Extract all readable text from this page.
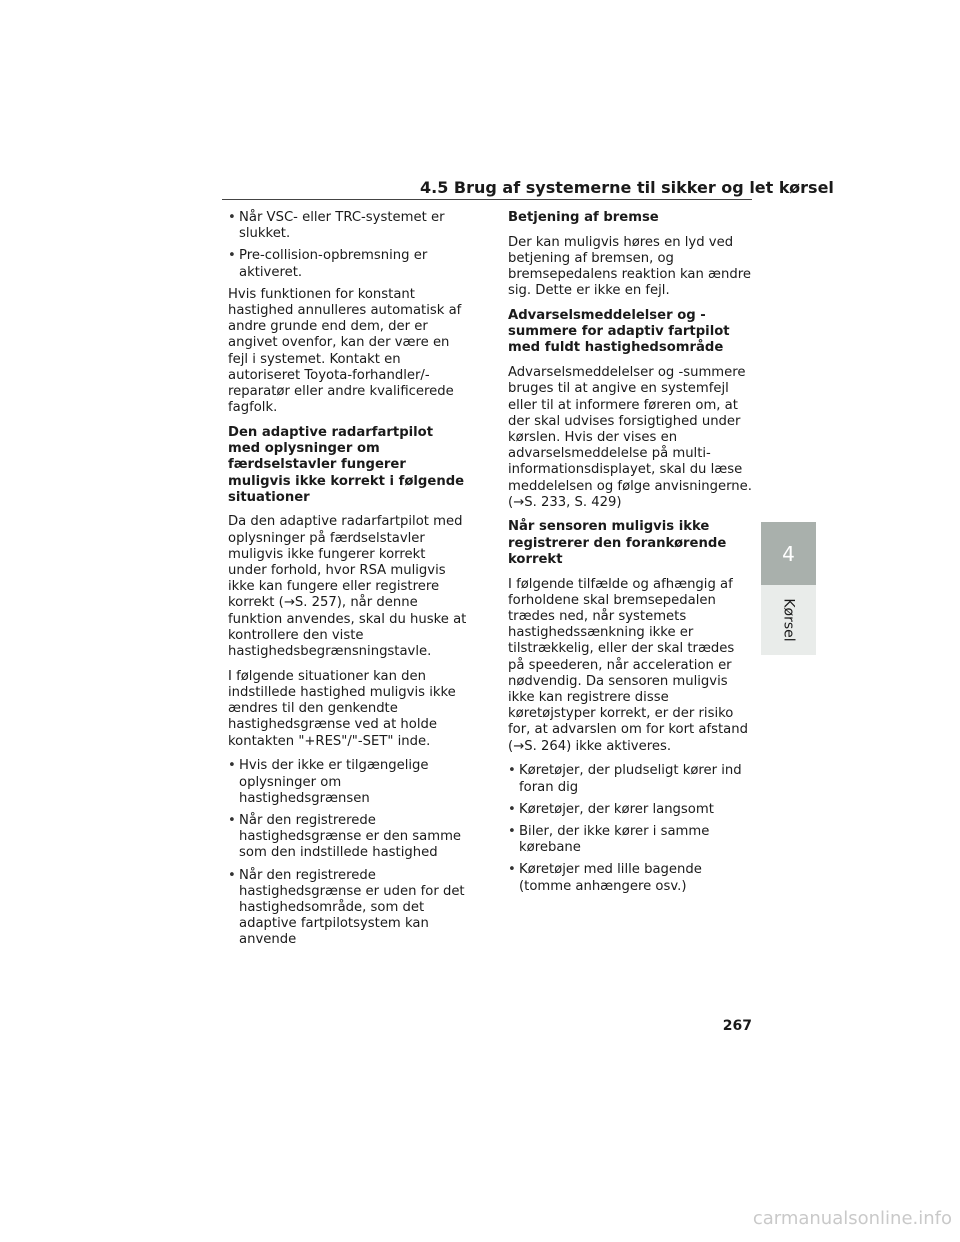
4.5 Brug af systemerne til sikker og let kørsel
• Når VSC- eller TRC-systemet er slukket.
• Pre-collision-opbremsning er aktiveret.

Hvis funktionen for konstant hastighed annulleres automatisk af andre grunde end dem, der er angivet ovenfor, kan der være en fejl i systemet. Kontakt en autoriseret Toyota-forhandler/-reparatør eller andre kvalificerede fagfolk.

Den adaptive radarfartpilot med oplysninger om færdselstavler fungerer muligvis ikke korrekt i følgende situationer

Da den adaptive radarfartpilot med oplysninger på færdselstavler muligvis ikke fungerer korrekt under forhold, hvor RSA muligvis ikke kan fungere eller registrere korrekt (→S. 257), når denne funktion anvendes, skal du huske at kontrollere den viste hastighedsbegrænsningstavle.

I følgende situationer kan den indstillede hastighed muligvis ikke ændres til den genkendte hastighedsgrænse ved at holde kontakten "+RES"/"-SET" inde.

• Hvis der ikke er tilgængelige oplysninger om hastighedsgrænsen
• Når den registrerede hastighedsgrænse er den samme som den indstillede hastighed
• Når den registrerede hastighedsgrænse er uden for det hastighedsområde, som det adaptive fartpilotsystem kan anvende
Betjening af bremse

Der kan muligvis høres en lyd ved betjening af bremsen, og bremsepedalens reaktion kan ændre sig. Dette er ikke en fejl.

Advarselsmeddelelser og -summere for adaptiv fartpilot med fuldt hastighedsområde

Advarselsmeddelelser og -summere bruges til at angive en systemfejl eller til at informere føreren om, at der skal udvises forsigtighed under kørslen. Hvis der vises en advarselsmeddelelse på multi-informationsdisplayet, skal du læse meddelelsen og følge anvisningerne. (→S. 233, S. 429)

Når sensoren muligvis ikke registrerer den forankørende korrekt

I følgende tilfælde og afhængig af forholdene skal bremsepedalen trædes ned, når systemets hastighedssænkning ikke er tilstrækkelig, eller der skal trædes på speederen, når acceleration er nødvendig. Da sensoren muligvis ikke kan registrere disse køretøjstyper korrekt, er der risiko for, at advarslen om for kort afstand (→S. 264) ikke aktiveres.

• Køretøjer, der pludseligt kører ind foran dig
• Køretøjer, der kører langsomt
• Biler, der ikke kører i samme kørebane
• Køretøjer med lille bagende (tomme anhængere osv.)
4
Kørsel
267
carmanualsonline.info
